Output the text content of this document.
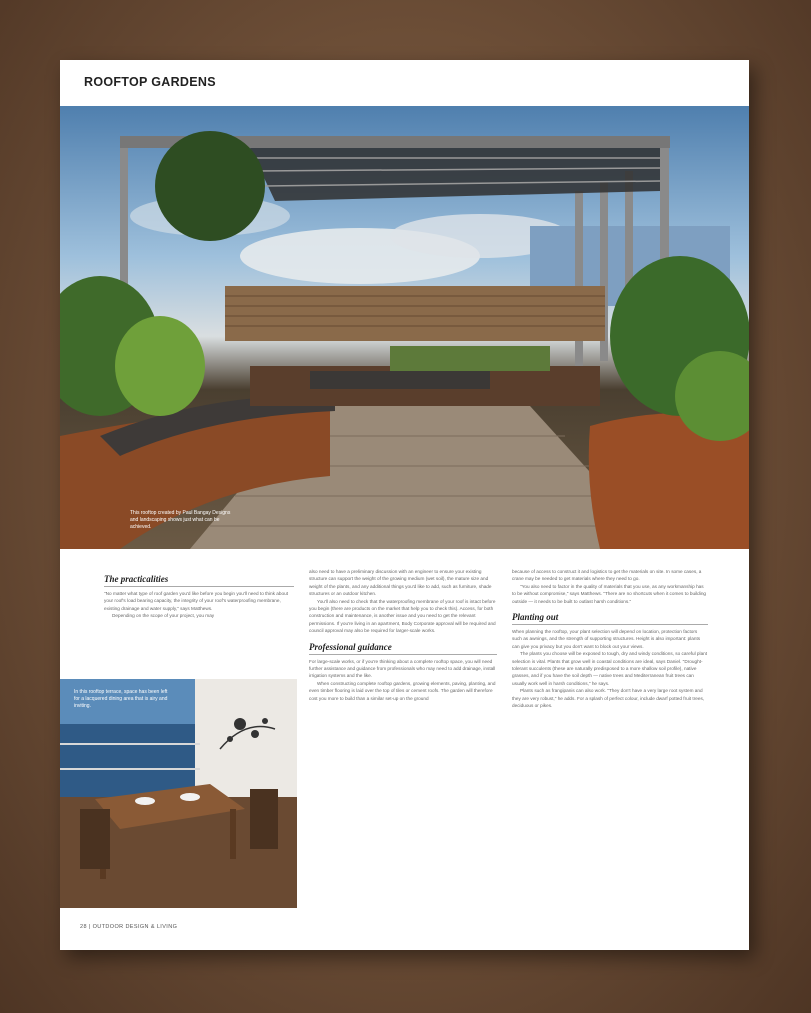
ROOFTOP GARDENS
This rooftop created by Paul Bangay Designs and landscaping shows just what can be achieved.
The practicalities

"No matter what type of roof garden you'd like before you begin you'll need to think about your roof's load bearing capacity, the integrity of your roof's waterproofing membrane, existing drainage and water supply," says Matthews.

Depending on the scope of your project, you may

In this rooftop terrace, space has been left for a lacquered dining area that is airy and inviting.

also need to have a preliminary discussion with an engineer to ensure your existing structure can support the weight of the growing medium (wet soil), the mature size and weight of the plants, and any additional things you'd like to add, such as furniture, shade structures or an outdoor kitchen.

You'll also need to check that the waterproofing membrane of your roof is intact before you begin (there are products on the market that help you to check this). Access, for both construction and maintenance, is another issue and you need to get the relevant permissions. If you're living in an apartment, Body Corporate approval will be required and council approval may also be required for larger-scale works.

Professional guidance

For large-scale works, or if you're thinking about a complete rooftop space, you will need further assistance and guidance from professionals who may need to add drainage, install irrigation systems and the like.

When constructing complete rooftop gardens, growing elements, paving, planting, and even timber flooring is laid over the top of tiles or cement roofs. The garden will therefore cost you more to build than a similar set-up on the ground

because of access to construct it and logistics to get the materials on site. In some cases, a crane may be needed to get materials where they need to go.

"You also need to factor in the quality of materials that you use, as any workmanship has to be without compromise," says Matthews. "There are no shortcuts when it comes to building outside — it needs to be built to outlast harsh conditions."

Planting out

When planning the rooftop, your plant selection will depend on location, protection factors such as awnings, and the strength of supporting structures. Height is also important: plants can give you privacy but you don't want to block out your views.

The plants you choose will be exposed to tough, dry and windy conditions, so careful plant selection is vital. Plants that grow well in coastal conditions are ideal, says Daniel. "Drought-tolerant succulents (these are naturally predisposed to a more shallow soil profile), native grasses, and if you have the soil depth — native trees and Mediterranean fruit trees can usually work well in harsh conditions," he says.

Plants such as frangipanis can also work. "They don't have a very large root system and they are very robust," he adds. For a splash of perfect colour, include dwarf potted fruit trees, deciduous or pikes.

28 | OUTDOOR DESIGN & LIVING
